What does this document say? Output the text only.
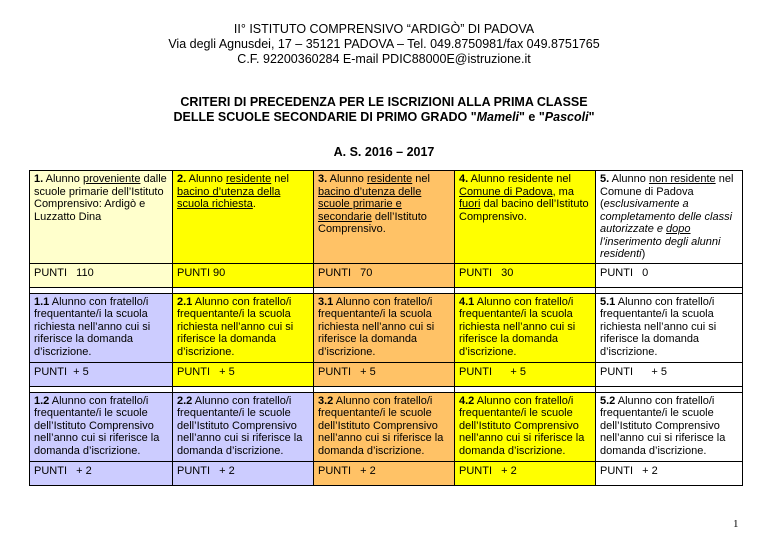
II° ISTITUTO COMPRENSIVO “ARDIGÒ” DI PADOVA
Via degli Agnusdei, 17 – 35121 PADOVA – Tel. 049.8750981/fax 049.8751765
C.F. 92200360284 E-mail PDIC88000E@istruzione.it
CRITERI DI PRECEDENZA PER LE ISCRIZIONI ALLA PRIMA CLASSE
DELLE SCUOLE SECONDARIE DI PRIMO GRADO "Mameli" e "Pascoli"
A. S. 2016 – 2017
1. Alunno proveniente dalle scuole primarie dell’Istituto Comprensivo: Ardigò e Luzzatto Dina	2. Alunno residente nel bacino d’utenza della scuola richiesta.	3. Alunno residente nel bacino d’utenza delle scuole primarie e secondarie dell’Istituto Comprensivo.	4. Alunno residente nel Comune di Padova, ma fuori dal bacino dell’Istituto Comprensivo.	5. Alunno non residente nel Comune di Padova (esclusivamente a completamento delle classi autorizzate e dopo l’inserimento degli alunni residenti)
PUNTI   110	PUNTI 90	PUNTI   70	PUNTI   30	PUNTI   0

1.1 Alunno con fratello/i frequentante/i la scuola richiesta nell’anno cui si riferisce la domanda d’iscrizione.	2.1 Alunno con fratello/i frequentante/i la scuola richiesta nell’anno cui si riferisce la domanda d’iscrizione.	3.1 Alunno con fratello/i frequentante/i la scuola richiesta nell’anno cui si riferisce la domanda d’iscrizione.	4.1 Alunno con fratello/i frequentante/i la scuola richiesta nell’anno cui si riferisce la domanda d’iscrizione.	5.1 Alunno con fratello/i frequentante/i la scuola richiesta nell’anno cui si riferisce la domanda d’iscrizione.
PUNTI  + 5	PUNTI   + 5	PUNTI   + 5	PUNTI      + 5	PUNTI      + 5

1.2 Alunno con fratello/i frequentante/i le scuole dell’Istituto Comprensivo nell’anno cui si riferisce la domanda d’iscrizione.	2.2 Alunno con fratello/i frequentante/i le scuole dell’Istituto Comprensivo nell’anno cui si riferisce la domanda d’iscrizione.	3.2 Alunno con fratello/i frequentante/i le scuole dell’Istituto Comprensivo nell’anno cui si riferisce la domanda d’iscrizione.	4.2 Alunno con fratello/i frequentante/i le scuole dell’Istituto Comprensivo nell’anno cui si riferisce la domanda d’iscrizione.	5.2 Alunno con fratello/i frequentante/i le scuole dell’Istituto Comprensivo nell’anno cui si riferisce la domanda d’iscrizione.
PUNTI   + 2	PUNTI   + 2	PUNTI   + 2	PUNTI   + 2	PUNTI   + 2
1
